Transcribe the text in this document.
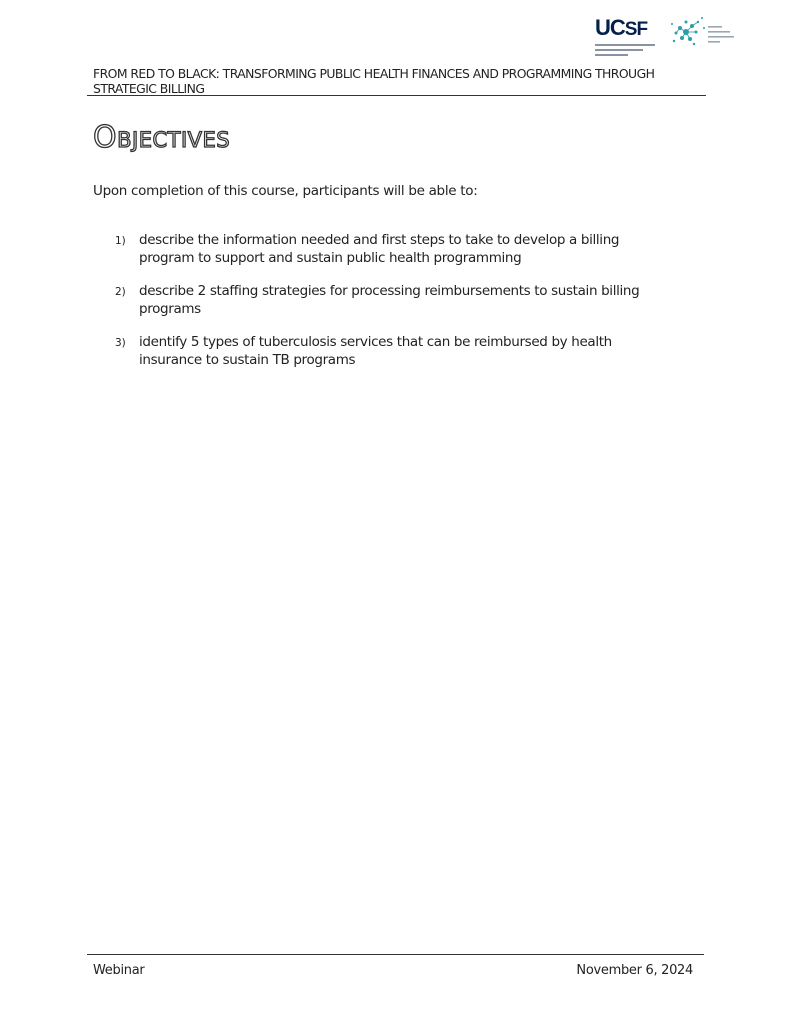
UCSF
FROM RED TO BLACK: TRANSFORMING PUBLIC HEALTH FINANCES AND PROGRAMMING THROUGH STRATEGIC BILLING
Objectives

Upon completion of this course, participants will be able to:

1) describe the information needed and first steps to take to develop a billing program to support and sustain public health programming
2) describe 2 staffing strategies for processing reimbursements to sustain billing programs
3) identify 5 types of tuberculosis services that can be reimbursed by health insurance to sustain TB programs
Webinar	November 6, 2024
